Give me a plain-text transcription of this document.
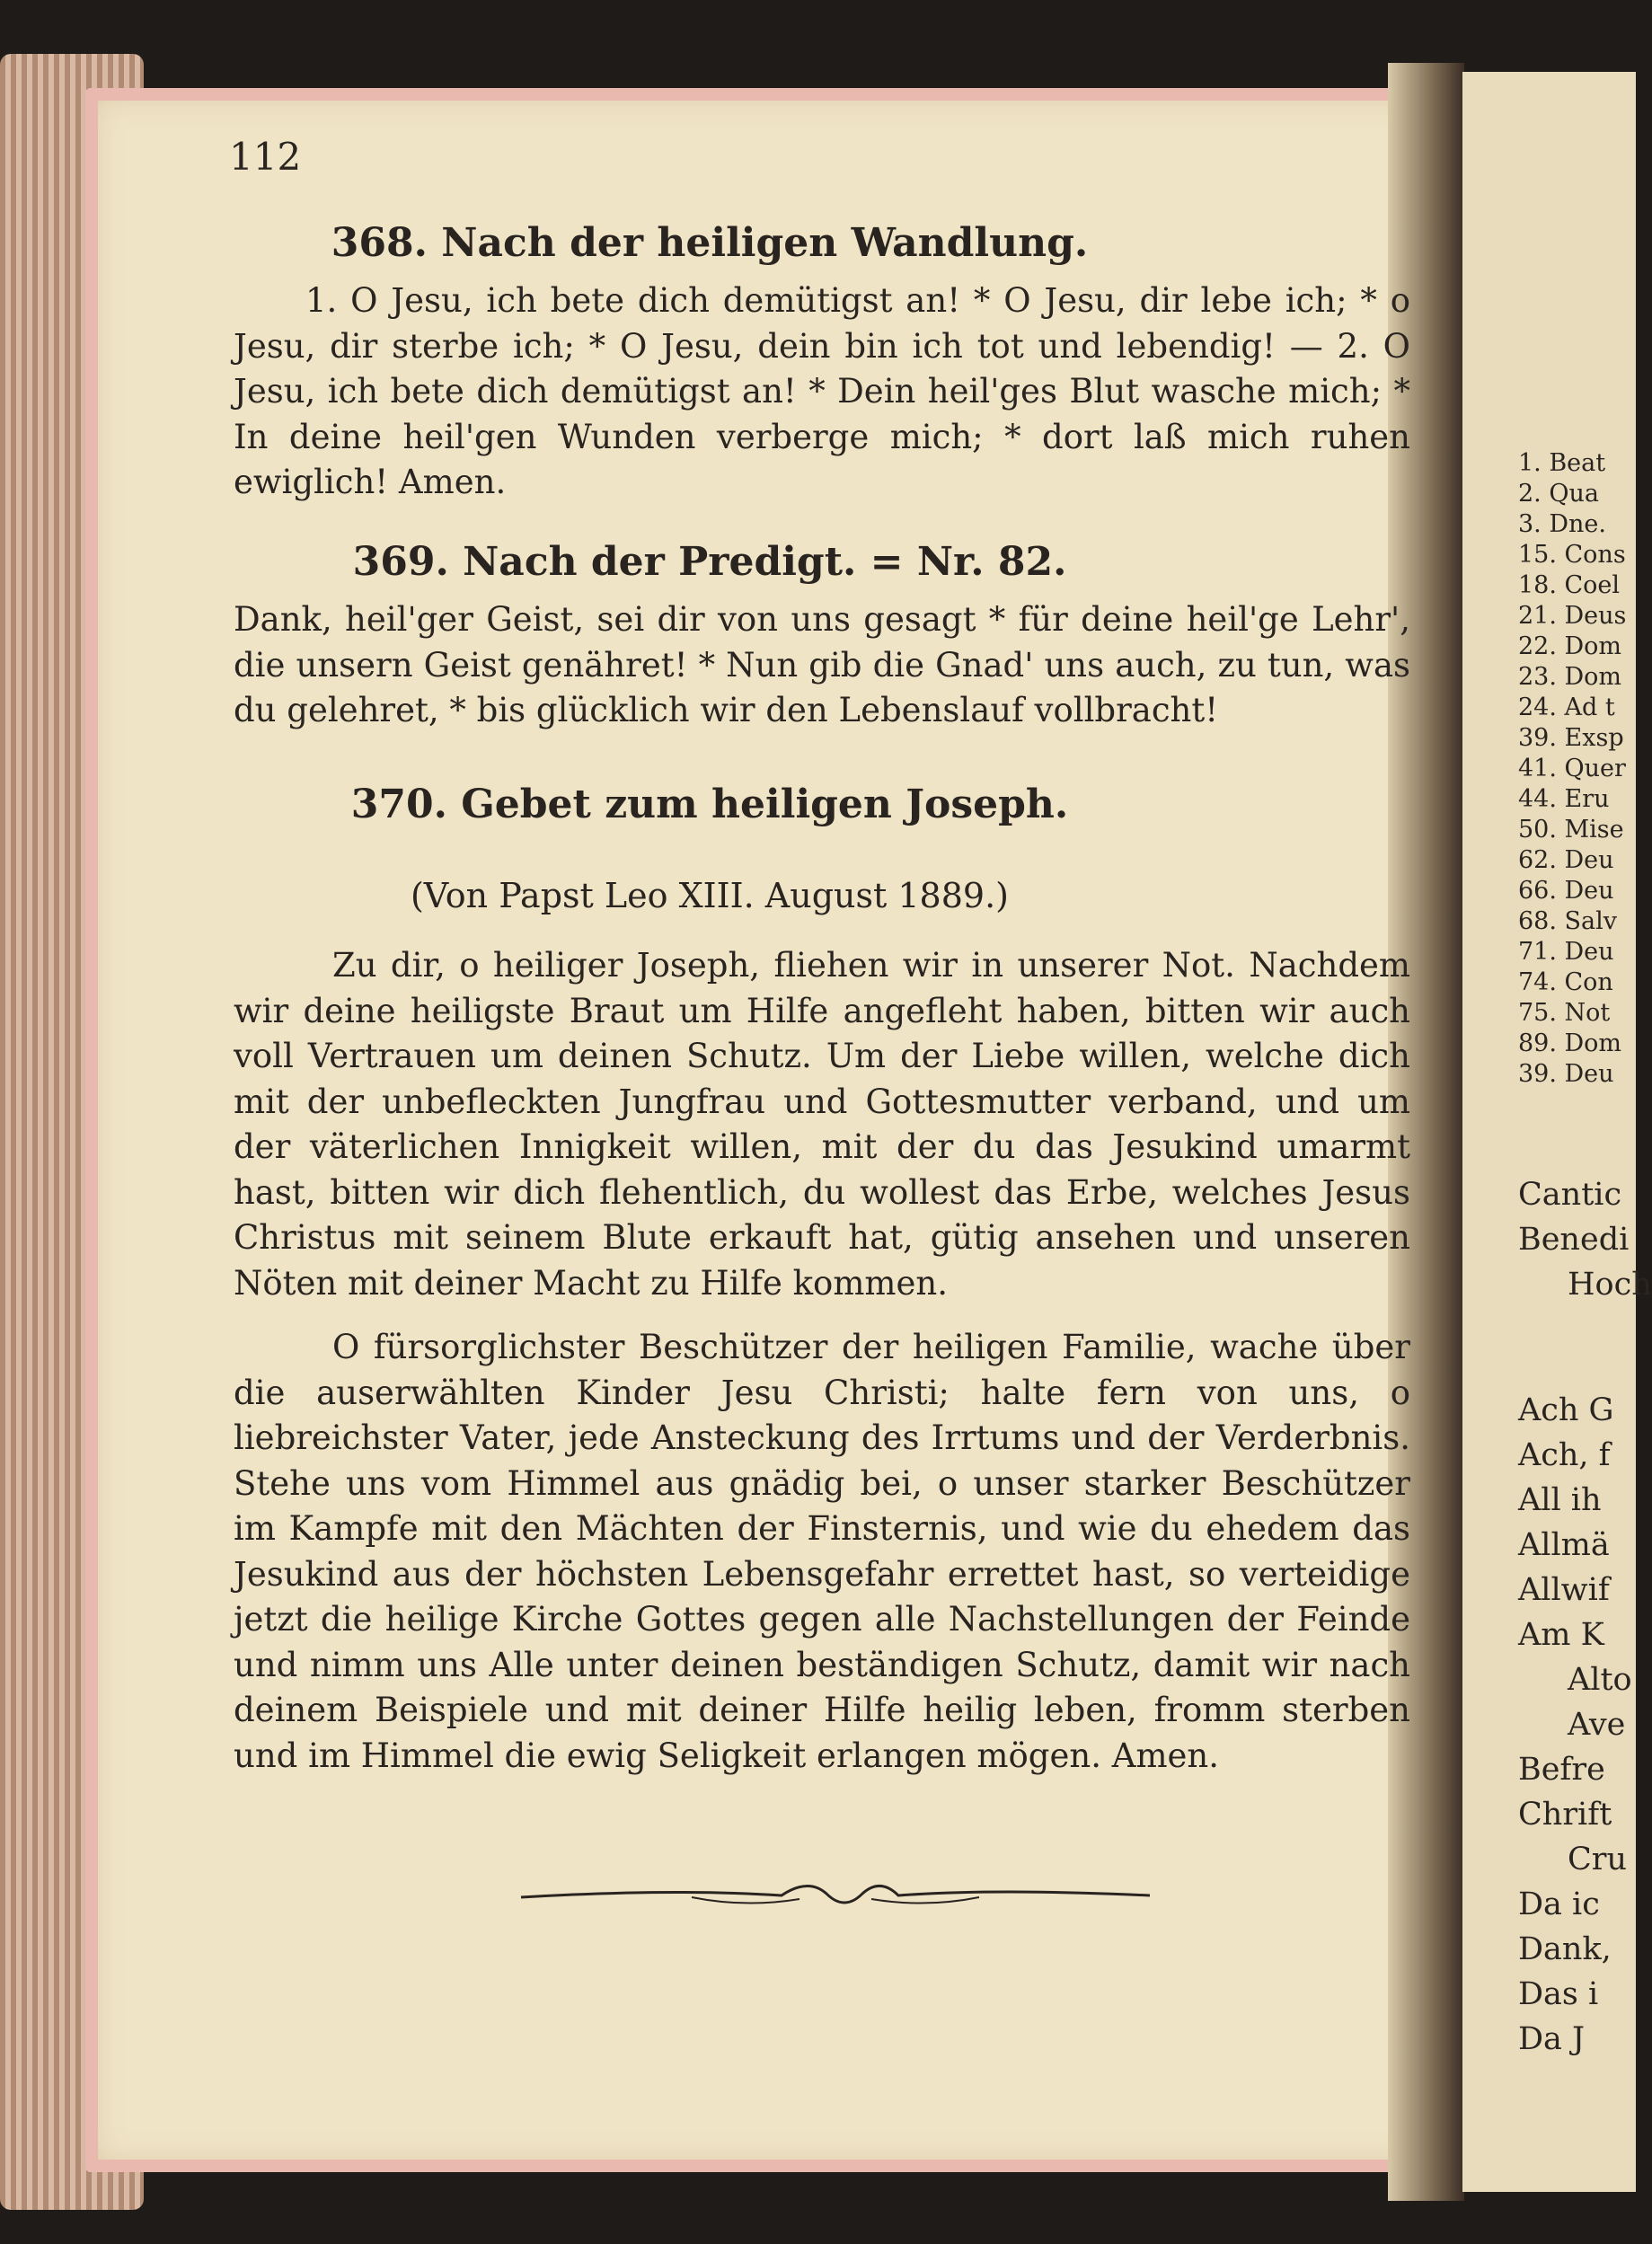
112
368. Nach der heiligen Wandlung.
1. O Jesu, ich bete dich demütigst an! * O Jesu, dir lebe ich; * o Jesu, dir sterbe ich; * O Jesu, dein bin ich tot und lebendig! — 2. O Jesu, ich bete dich demütigst an! * Dein heil'ges Blut wasche mich; * In deine heil'gen Wunden verberge mich; * dort laß mich ruhen ewiglich! Amen.
369. Nach der Predigt. = Nr. 82.
Dank, heil'ger Geist, sei dir von uns gesagt * für deine heil'ge Lehr', die unsern Geist genähret! * Nun gib die Gnad' uns auch, zu tun, was du gelehret, * bis glücklich wir den Lebenslauf vollbracht!
370. Gebet zum heiligen Joseph.
(Von Papst Leo XIII. August 1889.)
Zu dir, o heiliger Joseph, fliehen wir in unserer Not. Nachdem wir deine heiligste Braut um Hilfe angefleht haben, bitten wir auch voll Vertrauen um deinen Schutz. Um der Liebe willen, welche dich mit der unbefleckten Jungfrau und Gottesmutter verband, und um der väterlichen Innigkeit willen, mit der du das Jesukind umarmt hast, bitten wir dich flehentlich, du wollest das Erbe, welches Jesus Christus mit seinem Blute erkauft hat, gütig ansehen und unseren Nöten mit deiner Macht zu Hilfe kommen.
O fürsorglichster Beschützer der heiligen Familie, wache über die auserwählten Kinder Jesu Christi; halte fern von uns, o liebreichster Vater, jede Ansteckung des Irrtums und der Verderbnis. Stehe uns vom Himmel aus gnädig bei, o unser starker Beschützer im Kampfe mit den Mächten der Finsternis, und wie du ehedem das Jesukind aus der höchsten Lebensgefahr errettet hast, so verteidige jetzt die heilige Kirche Gottes gegen alle Nachstellungen der Feinde und nimm uns Alle unter deinen beständigen Schutz, damit wir nach deinem Beispiele und mit deiner Hilfe heilig leben, fromm sterben und im Himmel die ewig Seligkeit erlangen mögen. Amen.
1. Beat
2. Qua
3. Dne.
15. Cons
18. Coel
21. Deus
22. Dom
23. Dom
24. Ad t
39. Exsp
41. Quer
44. Eru
50. Mise
62. Deu
66. Deu
68. Salv
71. Deu
74. Con
75. Not
89. Dom
39. Deu
Cantic
Benedi
Hoch
Ach G
Ach, f
All ih
Allmä
Allwif
Am K
Alto
Ave
Befre
Chrift
Cru
Da ic
Dank,
Das i
Da J
